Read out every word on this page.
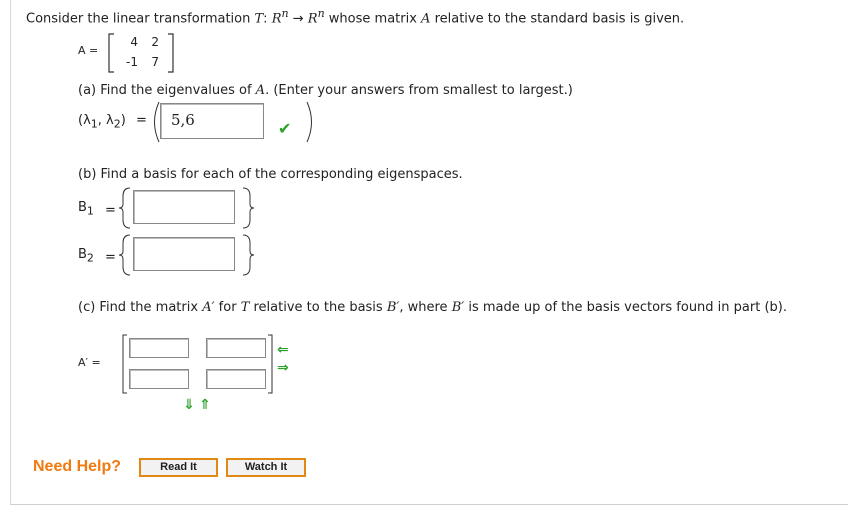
Consider the linear transformation T: $R^n \to R^n$ whose matrix A relative to the standard basis is given.
A =
4	2
-1	7
(a) Find the eigenvalues of A. (Enter your answers from smallest to largest.)
($\lambda_1$, $\lambda_2) = 5,6$	✔
(b) Find a basis for each of the corresponding eigenspaces.
$B_1$ =
$B_2$ =
(c) Find the matrix A′ for T relative to the basis B′, where B′ is made up of the basis vectors found in part (b).
A′ =
⇐
⇒
⇓ ⇑
Need Help?	Read It	Watch It
